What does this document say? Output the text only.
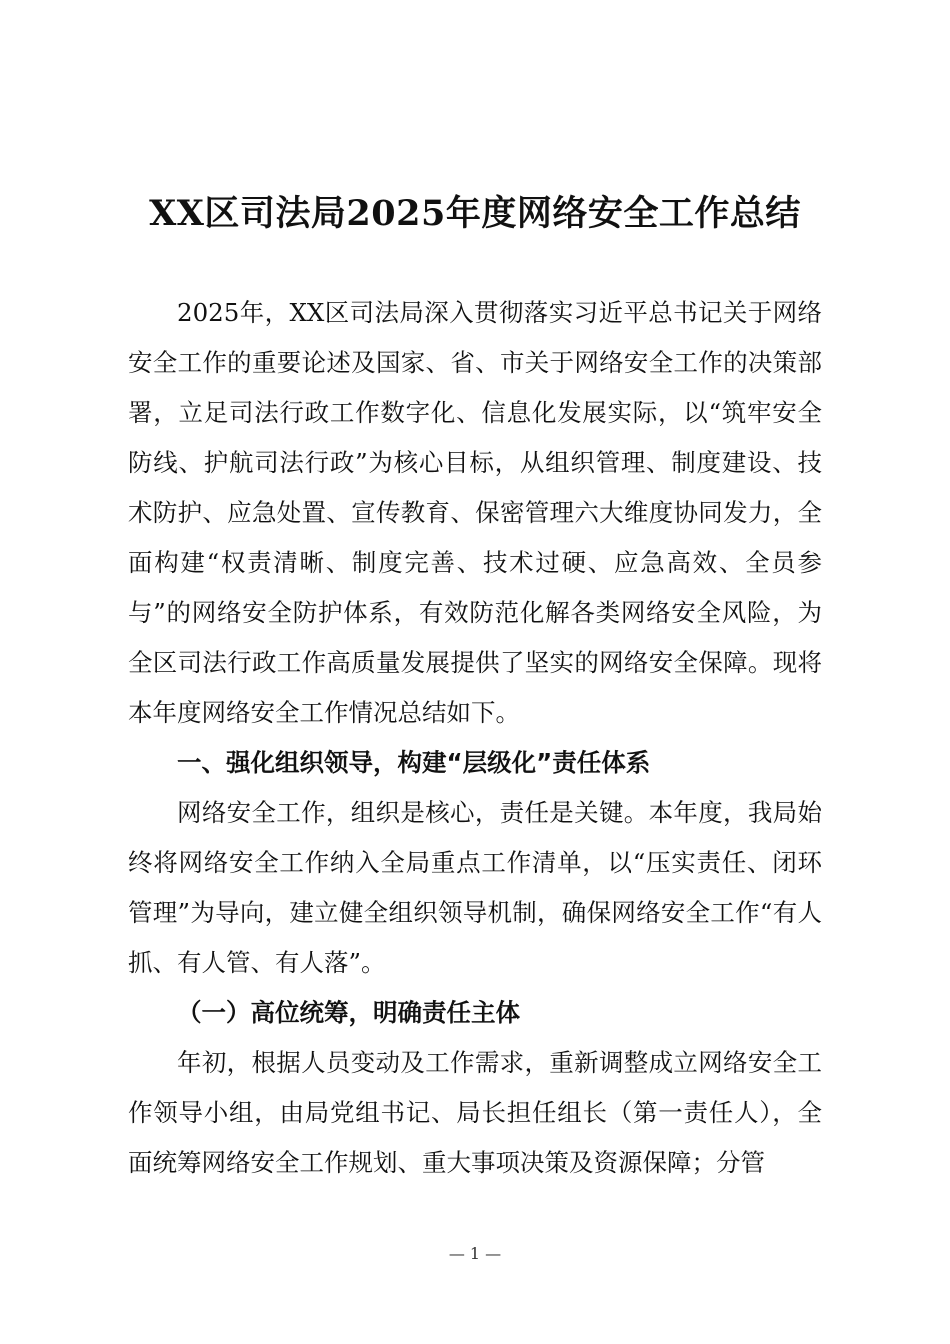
XX区司法局2025年度网络安全工作总结

2025年，XX区司法局深入贯彻落实习近平总书记关于网络安全工作的重要论述及国家、省、市关于网络安全工作的决策部署，立足司法行政工作数字化、信息化发展实际，以“筑牢安全防线、护航司法行政”为核心目标，从组织管理、制度建设、技术防护、应急处置、宣传教育、保密管理六大维度协同发力，全面构建“权责清晰、制度完善、技术过硬、应急高效、全员参与”的网络安全防护体系，有效防范化解各类网络安全风险，为全区司法行政工作高质量发展提供了坚实的网络安全保障。现将本年度网络安全工作情况总结如下。

一、强化组织领导，构建“层级化”责任体系

网络安全工作，组织是核心，责任是关键。本年度，我局始终将网络安全工作纳入全局重点工作清单，以“压实责任、闭环管理”为导向，建立健全组织领导机制，确保网络安全工作“有人抓、有人管、有人落”。

（一）高位统筹，明确责任主体

年初，根据人员变动及工作需求，重新调整成立网络安全工作领导小组，由局党组书记、局长担任组长（第一责任人），全面统筹网络安全工作规划、重大事项决策及资源保障；分管

— 1 —
